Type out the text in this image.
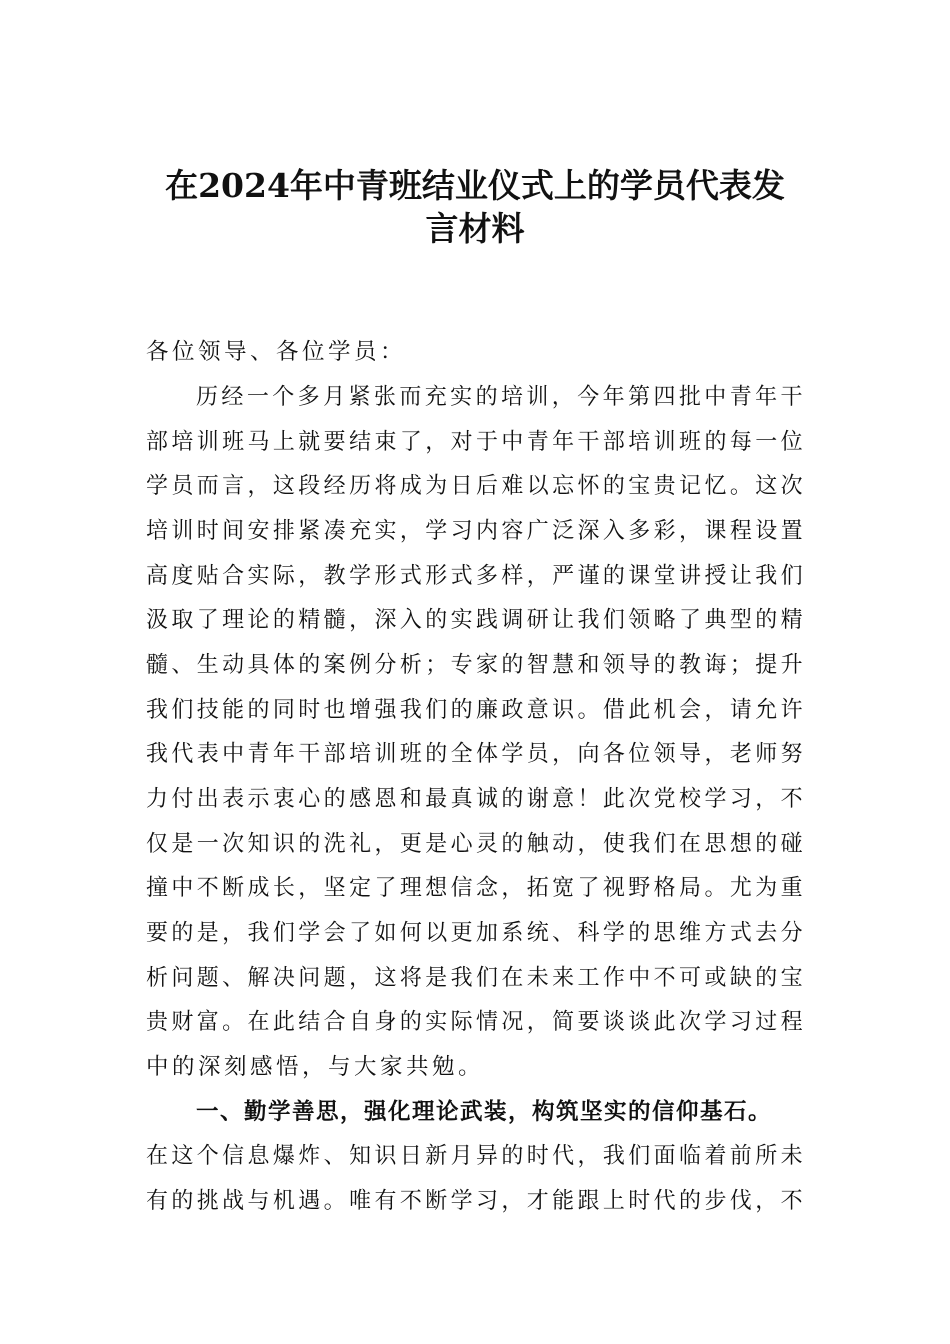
在2024年中青班结业仪式上的学员代表发
言材料
各位领导、各位学员：
历经一个多月紧张而充实的培训，今年第四批中青年干
部培训班马上就要结束了，对于中青年干部培训班的每一位
学员而言，这段经历将成为日后难以忘怀的宝贵记忆。这次
培训时间安排紧凑充实，学习内容广泛深入多彩，课程设置
高度贴合实际，教学形式形式多样，严谨的课堂讲授让我们
汲取了理论的精髓，深入的实践调研让我们领略了典型的精
髓、生动具体的案例分析；专家的智慧和领导的教诲；提升
我们技能的同时也增强我们的廉政意识。借此机会，请允许
我代表中青年干部培训班的全体学员，向各位领导，老师努
力付出表示衷心的感恩和最真诚的谢意！此次党校学习，不
仅是一次知识的洗礼，更是心灵的触动，使我们在思想的碰
撞中不断成长，坚定了理想信念，拓宽了视野格局。尤为重
要的是，我们学会了如何以更加系统、科学的思维方式去分
析问题、解决问题，这将是我们在未来工作中不可或缺的宝
贵财富。在此结合自身的实际情况，简要谈谈此次学习过程
中的深刻感悟，与大家共勉。
一、勤学善思，强化理论武装，构筑坚实的信仰基石。
在这个信息爆炸、知识日新月异的时代，我们面临着前所未
有的挑战与机遇。唯有不断学习，才能跟上时代的步伐，不
